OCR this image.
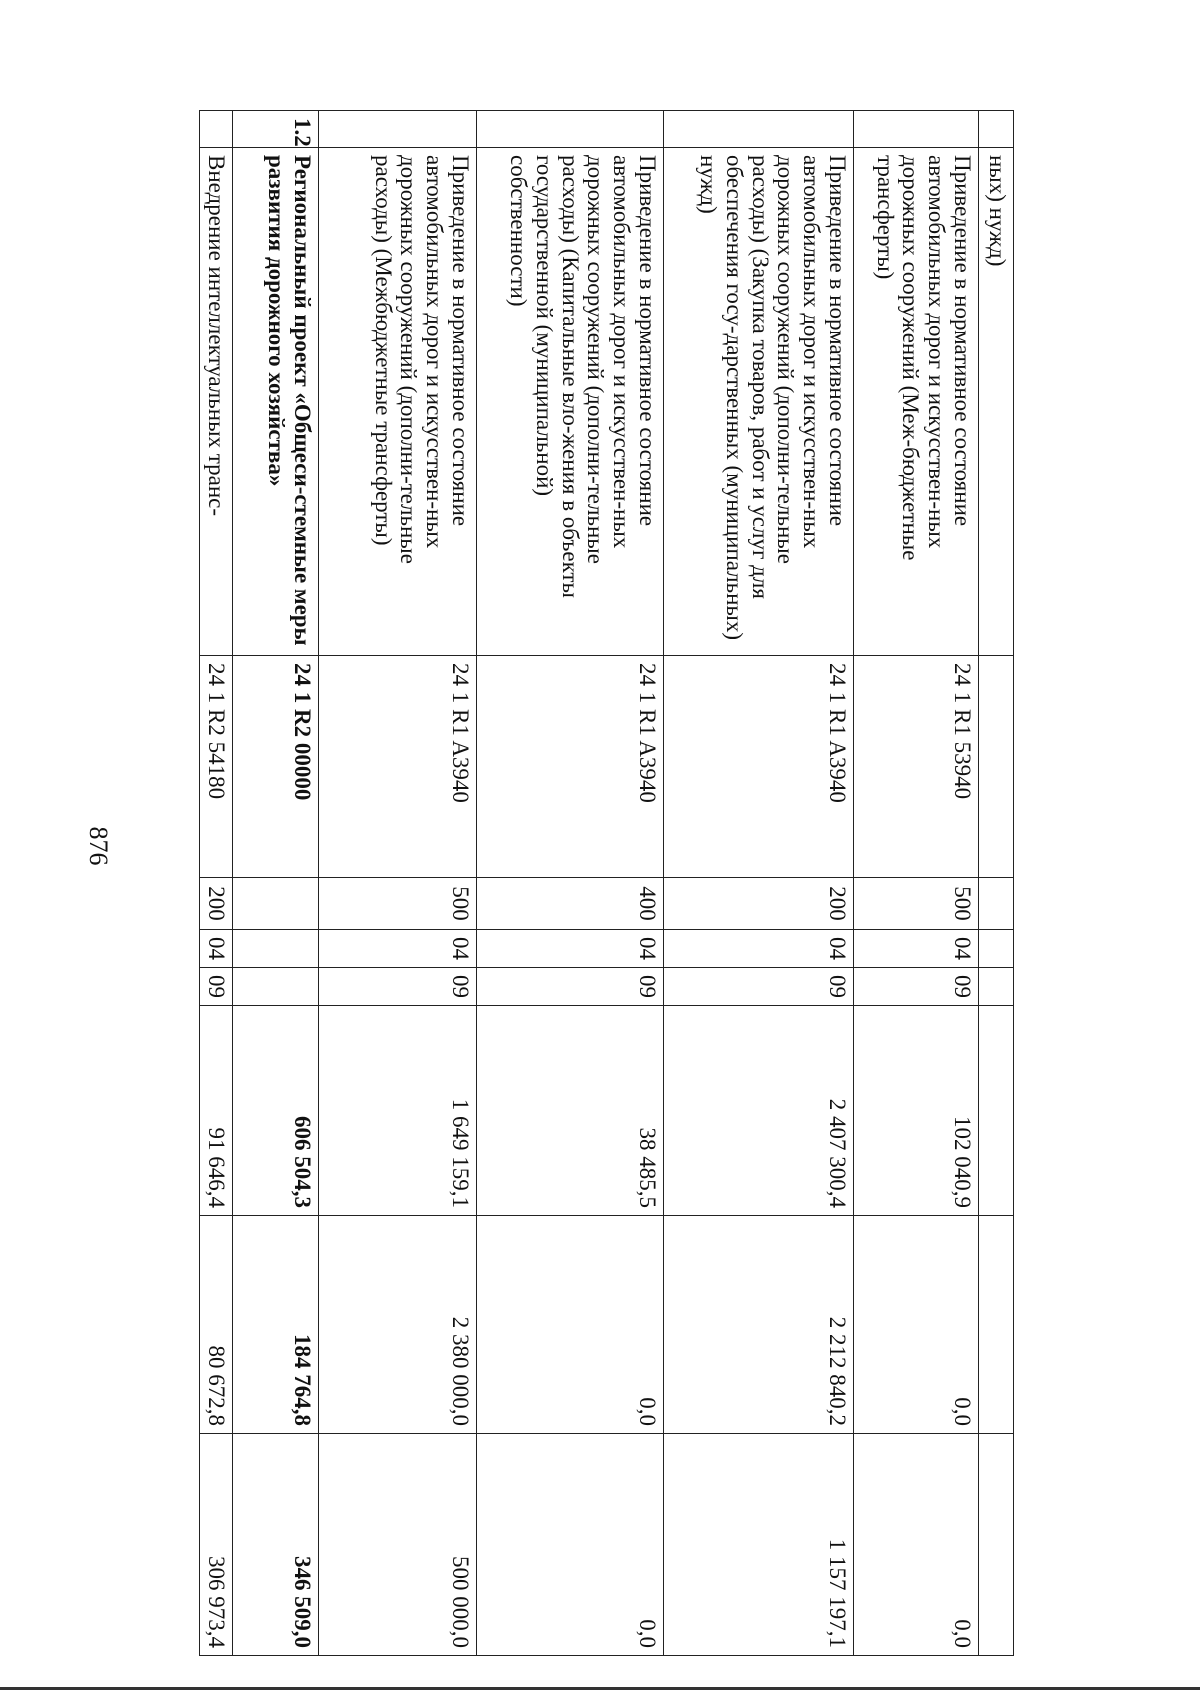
876
	ных) нужд)							
	Приведение в нормативное состояние автомобильных дорог и искусствен-ных дорожных сооружений (Меж-бюджетные трансферты)	24 1 R1 53940	500	04	09	102 040,9	0,0	0,0
	Приведение в нормативное состояние автомобильных дорог и искусствен-ных дорожных сооружений (дополни-тельные расходы) (Закупка товаров, работ и услуг для обеспечения госу-дарственных (муниципальных) нужд)	24 1 R1 A3940	200	04	09	2 407 300,4	2 212 840,2	1 157 197,1
	Приведение в нормативное состояние автомобильных дорог и искусствен-ных дорожных сооружений (дополни-тельные расходы) (Капитальные вло-жения в объекты государственной (муниципальной) собственности)	24 1 R1 A3940	400	04	09	38 485,5	0,0	0,0
	Приведение в нормативное состояние автомобильных дорог и искусствен-ных дорожных сооружений (дополни-тельные расходы) (Межбюджетные трансферты)	24 1 R1 A3940	500	04	09	1 649 159,1	2 380 000,0	500 000,0
1.2	Региональный проект «Общеси-стемные меры развития дорожного хозяйства»	24 1 R2 00000				606 504,3	184 764,8	346 509,0
	Внедрение интеллектуальных транс-	24 1 R2 54180	200	04	09	91 646,4	80 672,8	306 973,4
